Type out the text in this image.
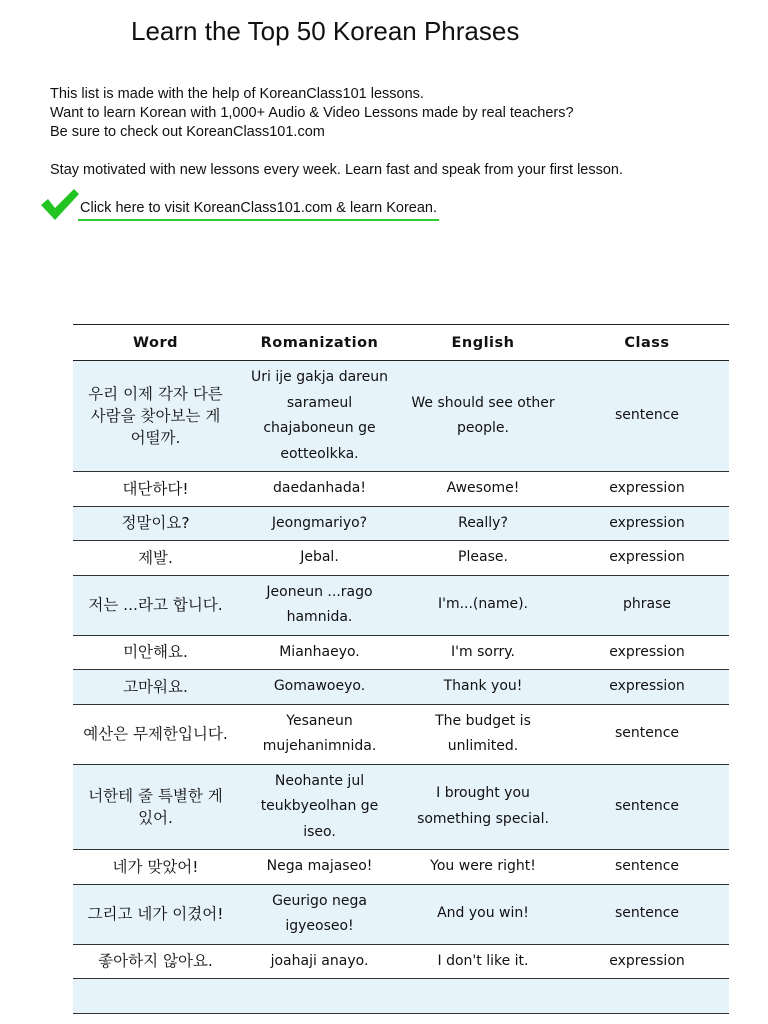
Learn the Top 50 Korean Phrases

This list is made with the help of KoreanClass101 lessons.

Want to learn Korean with 1,000+ Audio & Video Lessons made by real teachers?

Be sure to check out KoreanClass101.com

Stay motivated with new lessons every week. Learn fast and speak from your first lesson.

Click here to visit KoreanClass101.com & learn Korean.
Word	Romanization	English	Class
우리 이제 각자 다른 사람을 찾아보는 게 어떨까.	Uri ije gakja dareun sarameul chajaboneun ge eotteolkka.	We should see other people.	sentence
대단하다!	daedanhada!	Awesome!	expression
정말이요?	Jeongmariyo?	Really?	expression
제발.	Jebal.	Please.	expression
저는 ...라고 합니다.	Jeoneun ...rago hamnida.	I'm...(name).	phrase
미안해요.	Mianhaeyo.	I'm sorry.	expression
고마워요.	Gomawoeyo.	Thank you!	expression
예산은 무제한입니다.	Yesaneun mujehanimnida.	The budget is unlimited.	sentence
너한테 줄 특별한 게 있어.	Neohante jul teukbyeolhan ge iseo.	I brought you something special.	sentence
네가 맞았어!	Nega majaseo!	You were right!	sentence
그리고 네가 이겼어!	Geurigo nega igyeoseo!	And you win!	sentence
좋아하지 않아요.	joahaji anayo.	I don't like it.	expression
